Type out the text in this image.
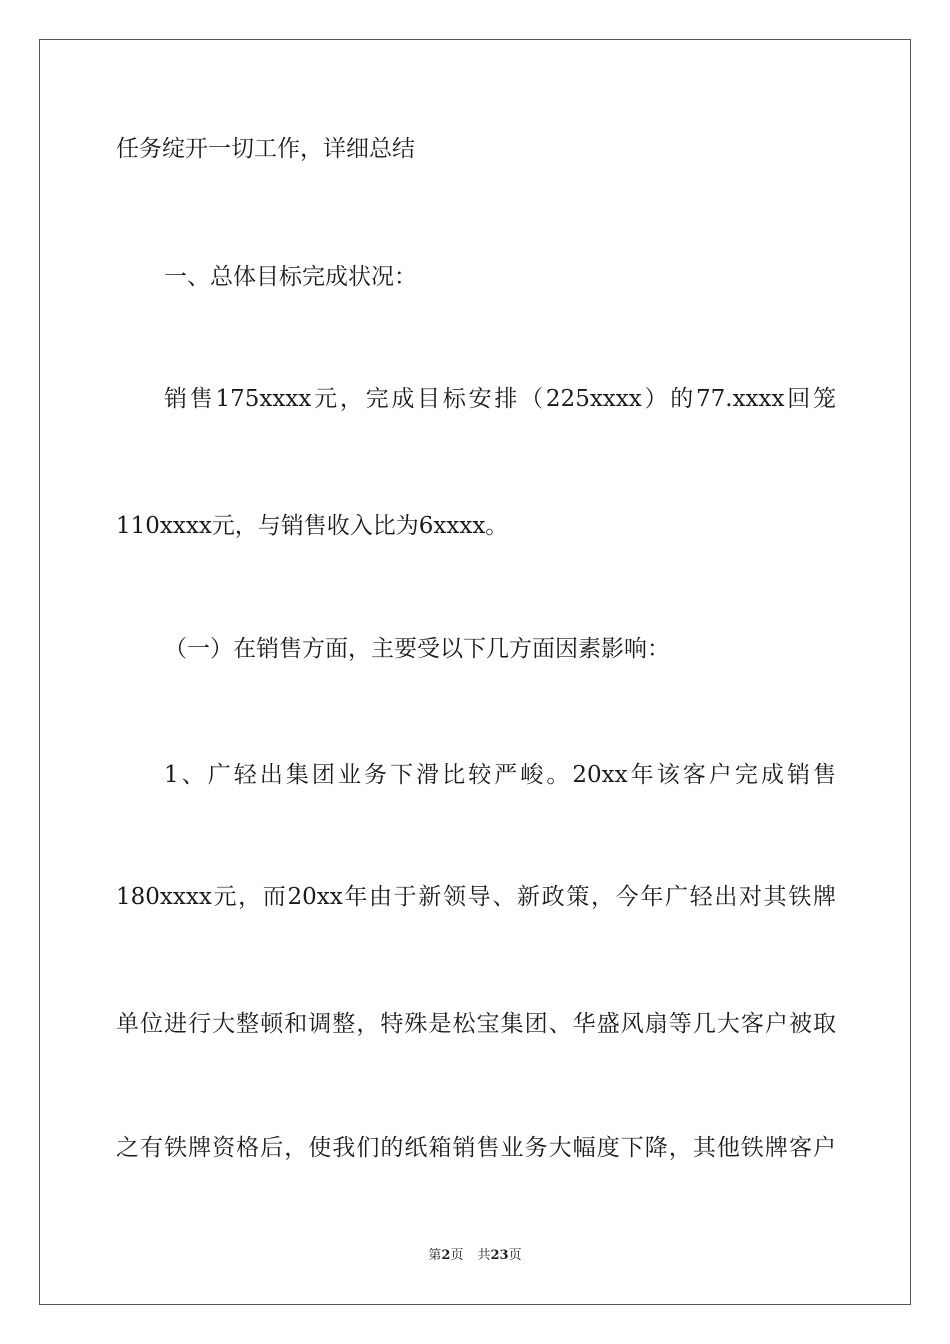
任务绽开一切工作，详细总结
一、总体目标完成状况：
销售175xxxx元，完成目标安排（225xxxx）的77.xxxx回笼
110xxxx元，与销售收入比为6xxxx。
（一）在销售方面，主要受以下几方面因素影响：
1、广轻出集团业务下滑比较严峻。20xx年该客户完成销售
180xxxx元，而20xx年由于新领导、新政策，今年广轻出对其铁牌
单位进行大整顿和调整，特殊是松宝集团、华盛风扇等几大客户被取
之有铁牌资格后，使我们的纸箱销售业务大幅度下降，其他铁牌客户
第2页 共23页
